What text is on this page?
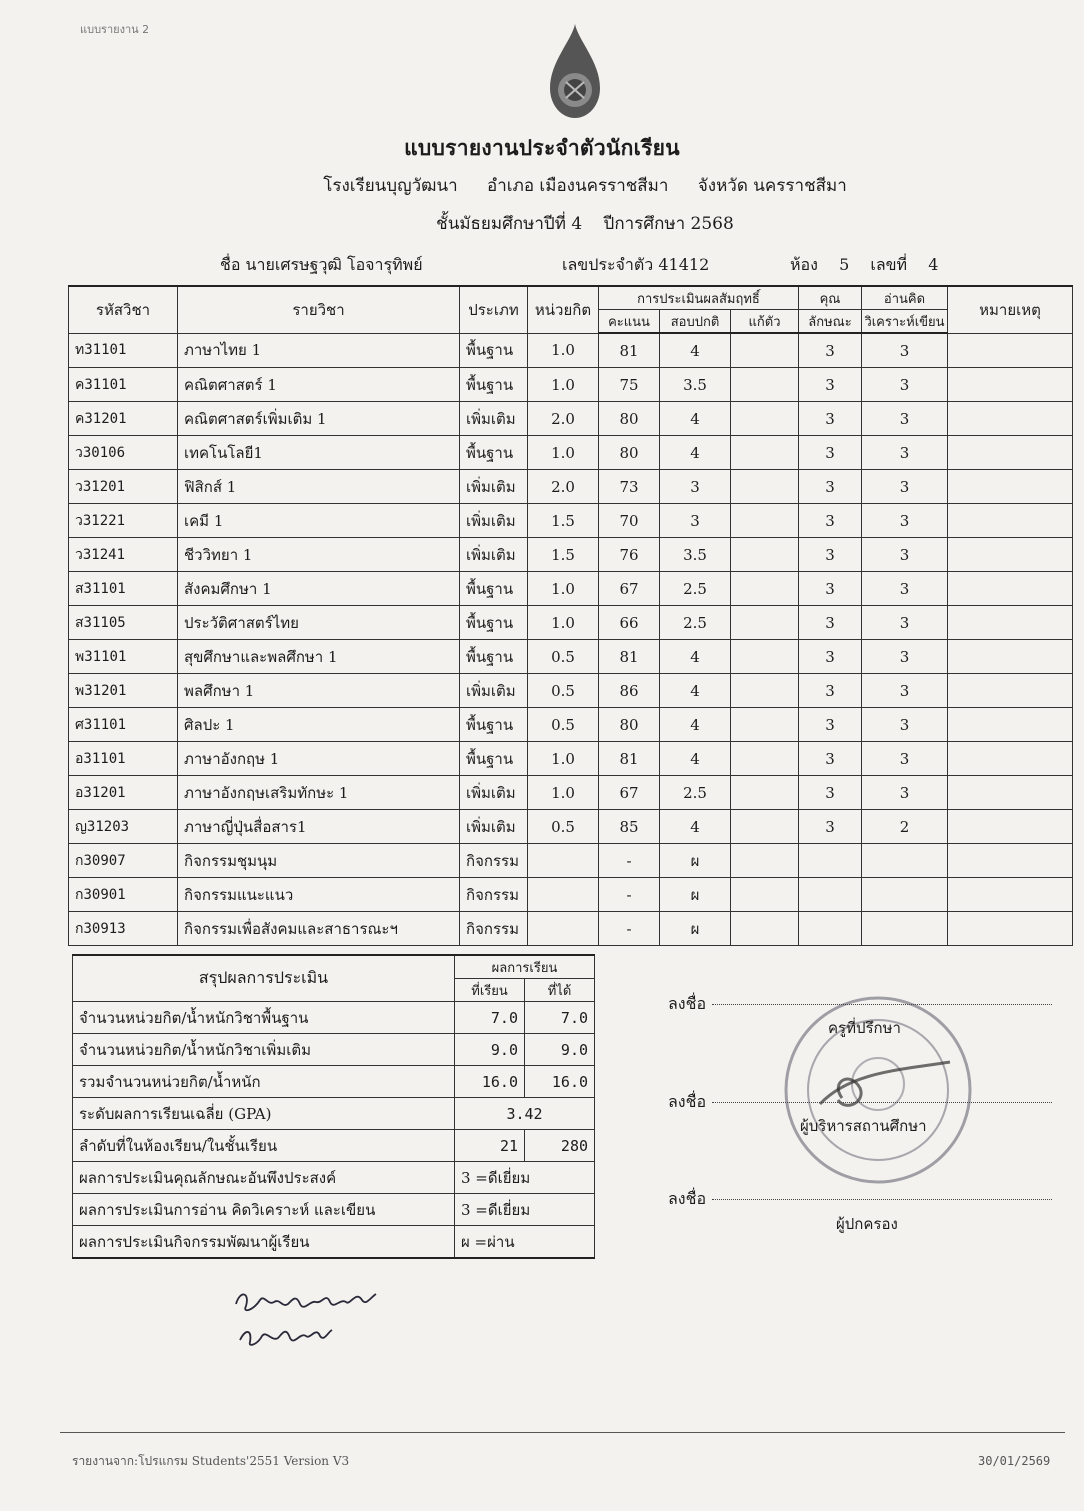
แบบรายงาน 2
แบบรายงานประจำตัวนักเรียน
โรงเรียนบุญวัฒนา อำเภอ เมืองนครราชสีมา จังหวัด นครราชสีมา
ชั้นมัธยมศึกษาปีที่ 4 ปีการศึกษา 2568
ชื่อ นายเศรษฐวุฒิ โอจารุทิพย์	เลขประจำตัว 41412	ห้อง 5 เลขที่ 4
รหัสวิชา	รายวิชา	ประเภท	หน่วยกิต	การประเมินผลสัมฤทธิ์			คุณ	อ่านคิด	หมายเหตุ
				คะแนน	สอบปกติ	แก้ตัว	ลักษณะ	วิเคราะห์เขียน	
ท31101	ภาษาไทย 1	พื้นฐาน	1.0	81	4		3	3	
ค31101	คณิตศาสตร์ 1	พื้นฐาน	1.0	75	3.5		3	3	
ค31201	คณิตศาสตร์เพิ่มเติม 1	เพิ่มเติม	2.0	80	4		3	3	
ว30106	เทคโนโลยี1	พื้นฐาน	1.0	80	4		3	3	
ว31201	ฟิสิกส์ 1	เพิ่มเติม	2.0	73	3		3	3	
ว31221	เคมี 1	เพิ่มเติม	1.5	70	3		3	3	
ว31241	ชีววิทยา 1	เพิ่มเติม	1.5	76	3.5		3	3	
ส31101	สังคมศึกษา 1	พื้นฐาน	1.0	67	2.5		3	3	
ส31105	ประวัติศาสตร์ไทย	พื้นฐาน	1.0	66	2.5		3	3	
พ31101	สุขศึกษาและพลศึกษา 1	พื้นฐาน	0.5	81	4		3	3	
พ31201	พลศึกษา 1	เพิ่มเติม	0.5	86	4		3	3	
ศ31101	ศิลปะ 1	พื้นฐาน	0.5	80	4		3	3	
อ31101	ภาษาอังกฤษ 1	พื้นฐาน	1.0	81	4		3	3	
อ31201	ภาษาอังกฤษเสริมทักษะ 1	เพิ่มเติม	1.0	67	2.5		3	3	
ญ31203	ภาษาญี่ปุ่นสื่อสาร1	เพิ่มเติม	0.5	85	4		3	2	
ก30907	กิจกรรมชุมนุม	กิจกรรม		-	ผ				
ก30901	กิจกรรมแนะแนว	กิจกรรม		-	ผ				
ก30913	กิจกรรมเพื่อสังคมและสาธารณะฯ	กิจกรรม		-	ผ				
สรุปผลการประเมิน	ผลการเรียน	
	ที่เรียน	ที่ได้
จำนวนหน่วยกิต/น้ำหนักวิชาพื้นฐาน	7.0	7.0
จำนวนหน่วยกิต/น้ำหนักวิชาเพิ่มเติม	9.0	9.0
รวมจำนวนหน่วยกิต/น้ำหนัก	16.0	16.0
ระดับผลการเรียนเฉลี่ย (GPA)	3.42	
ลำดับที่ในห้องเรียน/ในชั้นเรียน	21	280
ผลการประเมินคุณลักษณะอันพึงประสงค์	3 =ดีเยี่ยม	
ผลการประเมินการอ่าน คิดวิเคราะห์ และเขียน	3 =ดีเยี่ยม	
ผลการประเมินกิจกรรมพัฒนาผู้เรียน	ผ =ผ่าน	
ลงชื่อ
ครูที่ปรึกษา
ลงชื่อ
ผู้บริหารสถานศึกษา
ลงชื่อ
ผู้ปกครอง
รายงานจาก:โปรแกรม Students'2551 Version V3	30/01/2569
